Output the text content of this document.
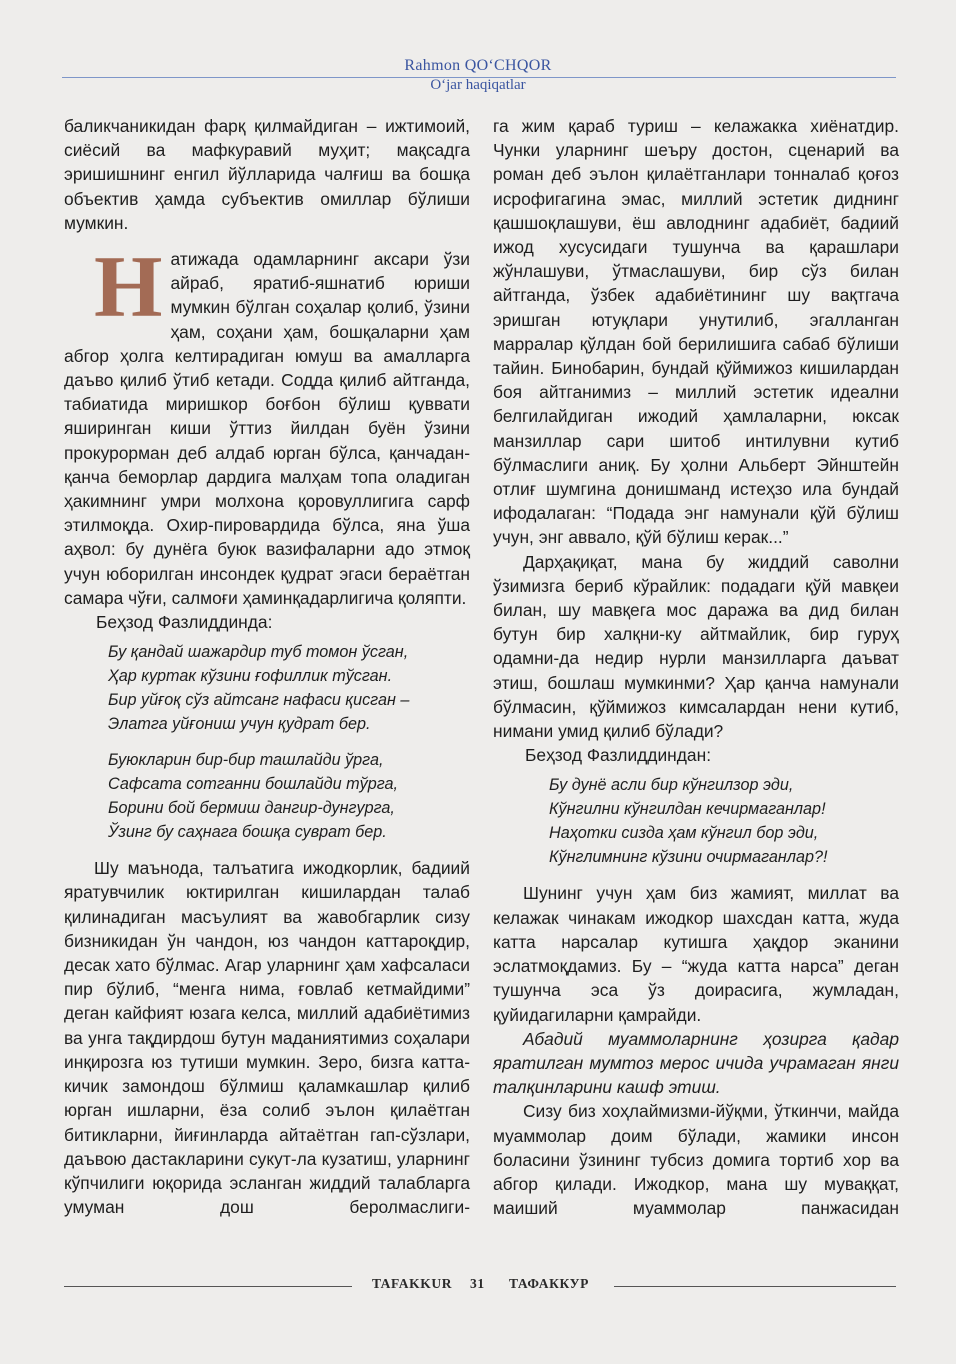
Rahmon QO‘CHQOR
O‘jar haqiqatlar

баликчаникидан фарқ қилмайдиган – ижтимоий, сиёсий ва мафкуравий муҳит; мақсадга эришишнинг енгил йўлларида чалғиш ва бошқа объектив ҳамда субъектив омиллар бўлиши мумкин.

Натижада одамларнинг аксари ўзи айраб, яратиб-яшнатиб юриши мумкин бўлган соҳалар қолиб, ўзини ҳам, соҳани ҳам, бошқаларни ҳам абгор ҳолга келтирадиган юмуш ва амалларга даъво қилиб ўтиб кетади. Содда қилиб айтганда, табиатида миришкор боғбон бўлиш қуввати яширинган киши ўттиз йилдан буён ўзини прокурорман деб алдаб юрган бўлса, қанчадан-қанча беморлар дардига малҳам топа оладиган ҳакимнинг умри молхона қоровуллигига сарф этилмоқда. Охир-пировардида бўлса, яна ўша аҳвол: бу дунёга буюк вазифаларни адо этмоқ учун юборилган инсондек қудрат эгаси бераётган самара чўғи, салмоғи ҳаминқадарлигича қоляпти.

Беҳзод Фазлиддинда:

Бу қандай шажардир туб томон ўсган,
Ҳар куртак кўзини ғофиллик тўсган.
Бир уйғоқ сўз айтсанг нафаси қисган –
Элатга уйғониш учун қудрат бер.
Буюкларин бир-бир ташлайди ўрга,
Сафсата сотганни бошлайди тўрга,
Борини бой бермиш дангир-дунгурга,
Ўзинг бу саҳнага бошқа суврат бер.

Шу маънода, талъатига ижодкорлик, бадиий яратувчилик юктирилган кишилардан талаб қилинадиган масъулият ва жавобгарлик сизу бизникидан ўн чандон, юз чандон каттароқдир, десак хато бўлмас. Агар уларнинг ҳам хафсаласи пир бўлиб, “менга нима, ғовлаб кетмайдими” деган кайфият юзага келса, миллий адабиётимиз ва унга тақдирдош бутун маданиятимиз соҳалари инқирозга юз тутиши мумкин. Зеро, бизга катта-кичик замондош бўлмиш қаламкашлар қилиб юрган ишларни, ёза солиб эълон қилаётган битикларни, йиғинларда айтаётган гап-сўзлари, даъвою дастакларини сукут-ла кузатиш, уларнинг кўпчилиги юқорида эсланган жиддий талабларга умуман дош беролмаслиги-

га жим қараб туриш – келажакка хиёнатдир. Чунки уларнинг шеъру достон, сценарий ва роман деб эълон қилаётганлари тонналаб қоғоз исрофигагина эмас, миллий эстетик диднинг қашшоқлашуви, ёш авлоднинг адабиёт, бадиий ижод хусусидаги тушунча ва қарашлари жўнлашуви, ўтмаслашуви, бир сўз билан айтганда, ўзбек адабиётининг шу вақтгача эришган ютуқлари унутилиб, эгалланган марралар қўлдан бой берилишига сабаб бўлиши тайин. Бинобарин, бундай қўймижоз кишилардан боя айтганимиз – миллий эстетик идеални белгилайдиган ижодий ҳамлаларни, юксак манзиллар сари шитоб интилувни кутиб бўлмаслиги аниқ. Бу ҳолни Альберт Эйнштейн отлиғ шумгина донишманд истеҳзо ила бундай ифодалаган: “Подада энг намунали қўй бўлиш учун, энг аввало, қўй бўлиш керак...”

Дарҳақиқат, мана бу жиддий саволни ўзимизга бериб кўрайлик: подадаги қўй мавқеи билан, шу мавқега мос даража ва дид билан бутун бир халқни-ку айтмайлик, бир гуруҳ одамни-да недир нурли манзилларга даъват этиш, бошлаш мумкинми? Ҳар қанча намунали бўлмасин, қўймижоз кимсалардан нени кутиб, нимани умид қилиб бўлади?

Беҳзод Фазлиддиндан:

Бу дунё асли бир кўнгилзор эди,
Кўнгилни кўнгилдан кечирмаганлар!
Наҳотки сизда ҳам кўнгил бор эди,
Кўнглимнинг кўзини очирмаганлар?!

Шунинг учун ҳам биз жамият, миллат ва келажак чинакам ижодкор шахсдан катта, жуда катта нарсалар кутишга ҳақдор эканини эслатмоқдамиз. Бу – “жуда катта нарса” деган тушунча эса ўз доирасига, жумладан, қуйидагиларни қамрайди.

Абадий муаммоларнинг ҳозирга қадар яратилган мумтоз мерос ичида учрамаган янги талқинларини кашф этиш.

Сизу биз хоҳлаймизми-йўқми, ўткинчи, майда муаммолар доим бўлади, жамики инсон боласини ўзининг тубсиз домига тортиб хор ва абгор қилади. Ижодкор, мана шу муваққат, маиший муаммолар панжасидан

TAFAKKUR 31 ТАФАККУР
